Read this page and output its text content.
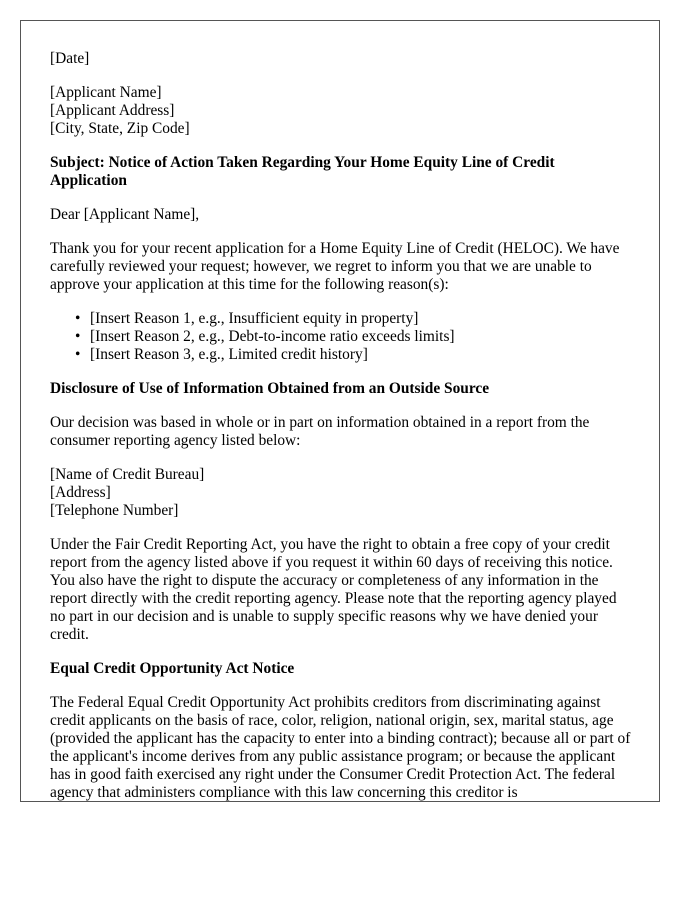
[Date]

[Applicant Name]
[Applicant Address]
[City, State, Zip Code]

Subject: Notice of Action Taken Regarding Your Home Equity Line of Credit Application

Dear [Applicant Name],

Thank you for your recent application for a Home Equity Line of Credit (HELOC). We have carefully reviewed your request; however, we regret to inform you that we are unable to approve your application at this time for the following reason(s):

• [Insert Reason 1, e.g., Insufficient equity in property]
• [Insert Reason 2, e.g., Debt-to-income ratio exceeds limits]
• [Insert Reason 3, e.g., Limited credit history]
Disclosure of Use of Information Obtained from an Outside Source

Our decision was based in whole or in part on information obtained in a report from the consumer reporting agency listed below:

[Name of Credit Bureau]
[Address]
[Telephone Number]

Under the Fair Credit Reporting Act, you have the right to obtain a free copy of your credit report from the agency listed above if you request it within 60 days of receiving this notice. You also have the right to dispute the accuracy or completeness of any information in the report directly with the credit reporting agency. Please note that the reporting agency played no part in our decision and is unable to supply specific reasons why we have denied your credit.

Equal Credit Opportunity Act Notice

The Federal Equal Credit Opportunity Act prohibits creditors from discriminating against credit applicants on the basis of race, color, religion, national origin, sex, marital status, age (provided the applicant has the capacity to enter into a binding contract); because all or part of the applicant's income derives from any public assistance program; or because the applicant has in good faith exercised any right under the Consumer Credit Protection Act. The federal agency that administers compliance with this law concerning this creditor is
